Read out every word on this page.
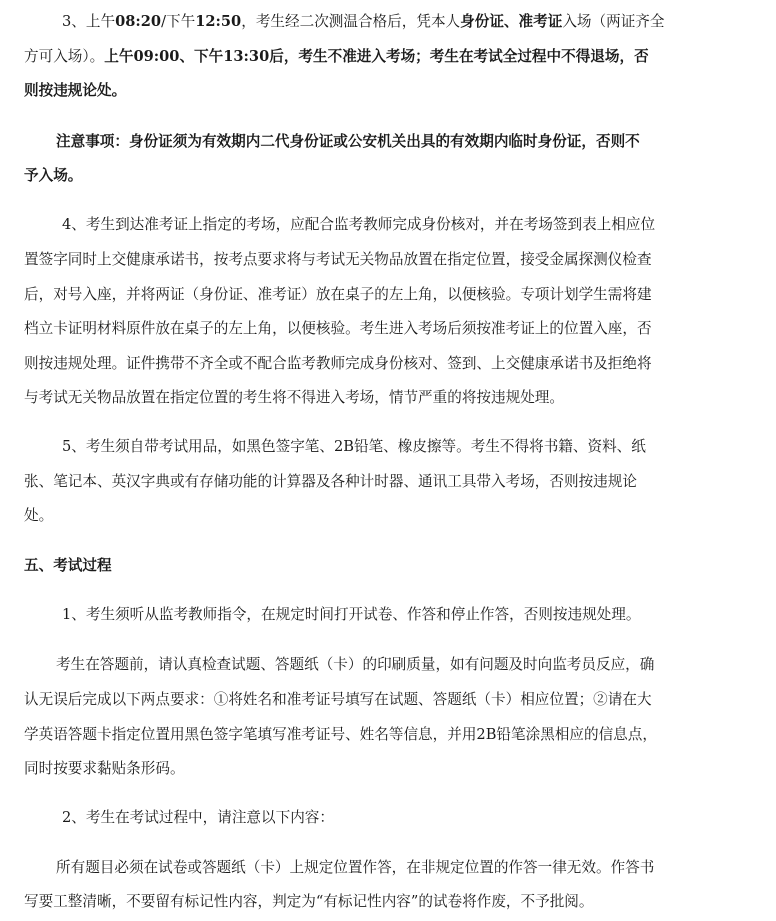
3、上午08:20/下午12:50，考生经二次测温合格后，凭本人身份证、准考证入场（两证齐全
方可入场）。上午09:00、下午13:30后，考生不准进入考场；考生在考试全过程中不得退场，否
则按违规论处。
注意事项：身份证须为有效期内二代身份证或公安机关出具的有效期内临时身份证，否则不
予入场。
4、考生到达准考证上指定的考场，应配合监考教师完成身份核对，并在考场签到表上相应位
置签字同时上交健康承诺书，按考点要求将与考试无关物品放置在指定位置，接受金属探测仪检查
后，对号入座，并将两证（身份证、准考证）放在桌子的左上角，以便核验。专项计划学生需将建
档立卡证明材料原件放在桌子的左上角，以便核验。考生进入考场后须按准考证上的位置入座，否
则按违规处理。证件携带不齐全或不配合监考教师完成身份核对、签到、上交健康承诺书及拒绝将
与考试无关物品放置在指定位置的考生将不得进入考场，情节严重的将按违规处理。
5、考生须自带考试用品，如黑色签字笔、2B铅笔、橡皮擦等。考生不得将书籍、资料、纸
张、笔记本、英汉字典或有存储功能的计算器及各种计时器、通讯工具带入考场，否则按违规论
处。
五、考试过程
1、考生须听从监考教师指令，在规定时间打开试卷、作答和停止作答，否则按违规处理。
考生在答题前，请认真检查试题、答题纸（卡）的印刷质量，如有问题及时向监考员反应，确
认无误后完成以下两点要求：①将姓名和准考证号填写在试题、答题纸（卡）相应位置；②请在大
学英语答题卡指定位置用黑色签字笔填写准考证号、姓名等信息，并用2B铅笔涂黑相应的信息点，
同时按要求黏贴条形码。
2、考生在考试过程中，请注意以下内容：
所有题目必须在试卷或答题纸（卡）上规定位置作答，在非规定位置的作答一律无效。作答书
写要工整清晰，不要留有标记性内容，判定为“有标记性内容”的试卷将作废，不予批阅。
